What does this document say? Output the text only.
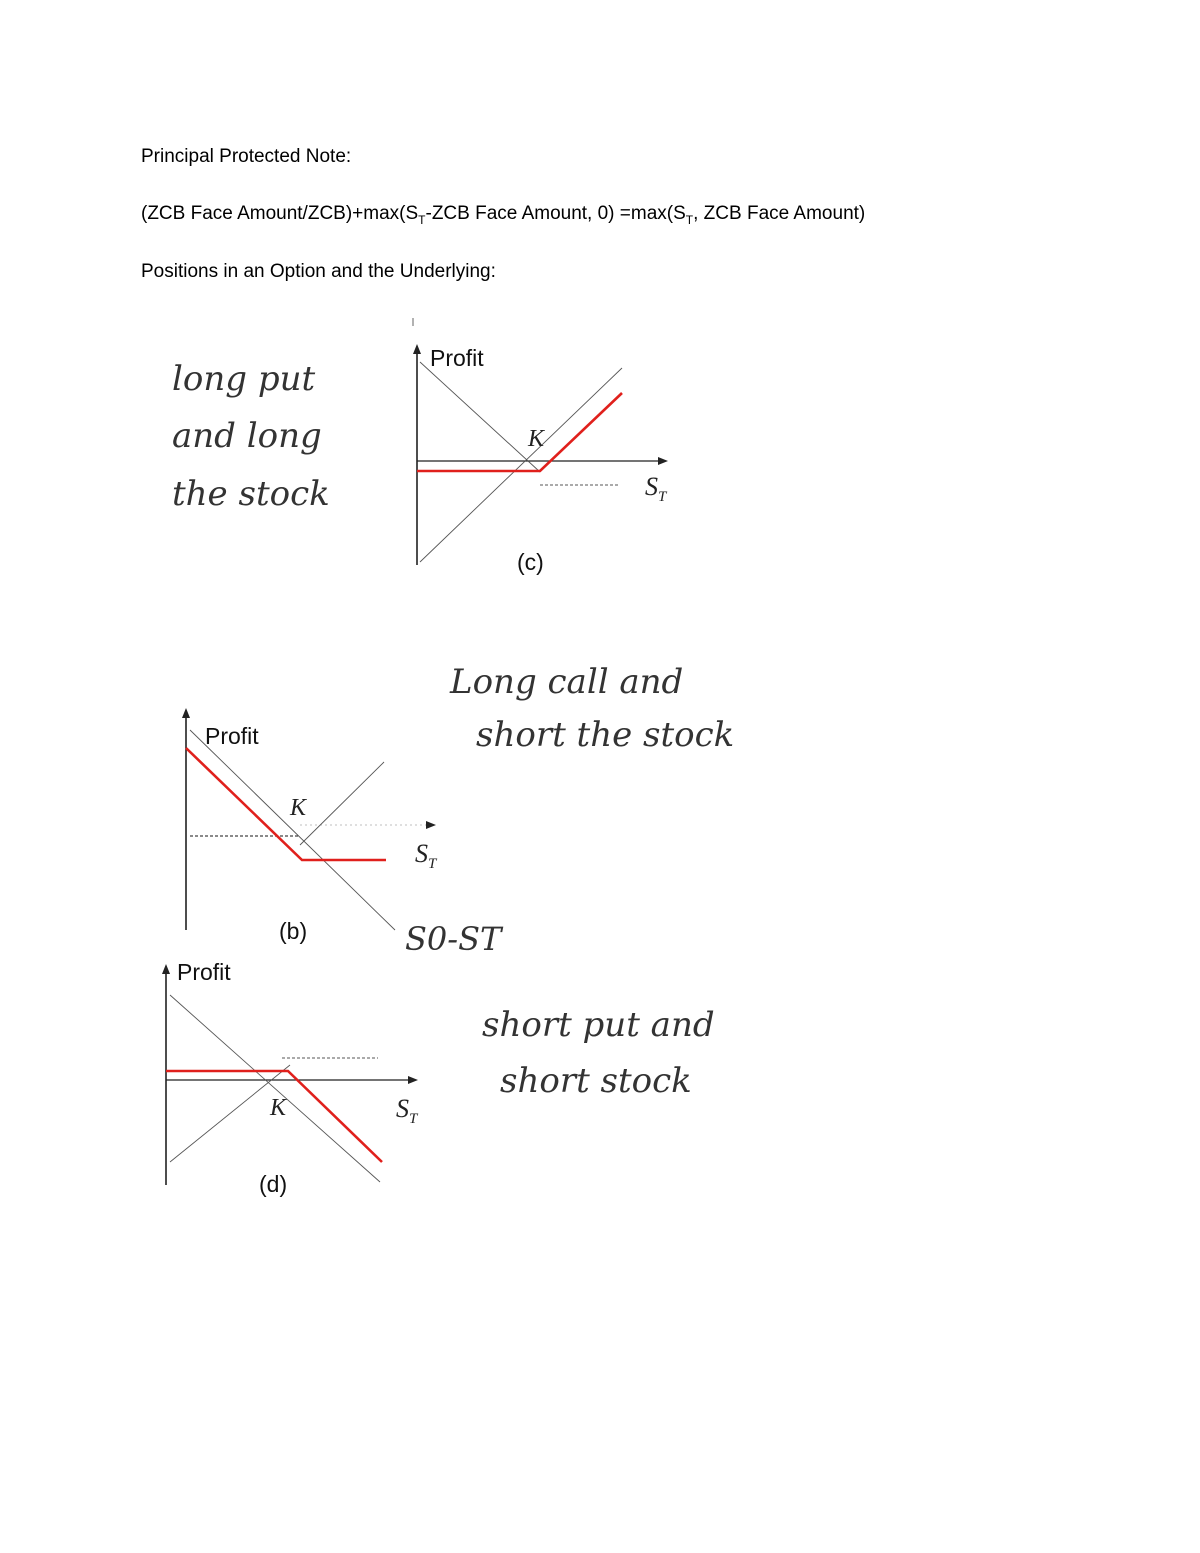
Principal Protected Note:
(ZCB Face Amount/$ZCB)+\max(S_T$-ZCB Face Amount, $0) =\max(S_T$, ZCB Face Amount)
Positions in an Option and the Underlying:
Profit
K
$S_T$
(c)
Profit
K
$S_T$
(b)
Profit
K	$S_T$
(d)
long put
and long
the stock
Long call and
short the stock
S0-ST
short put and
short stock
